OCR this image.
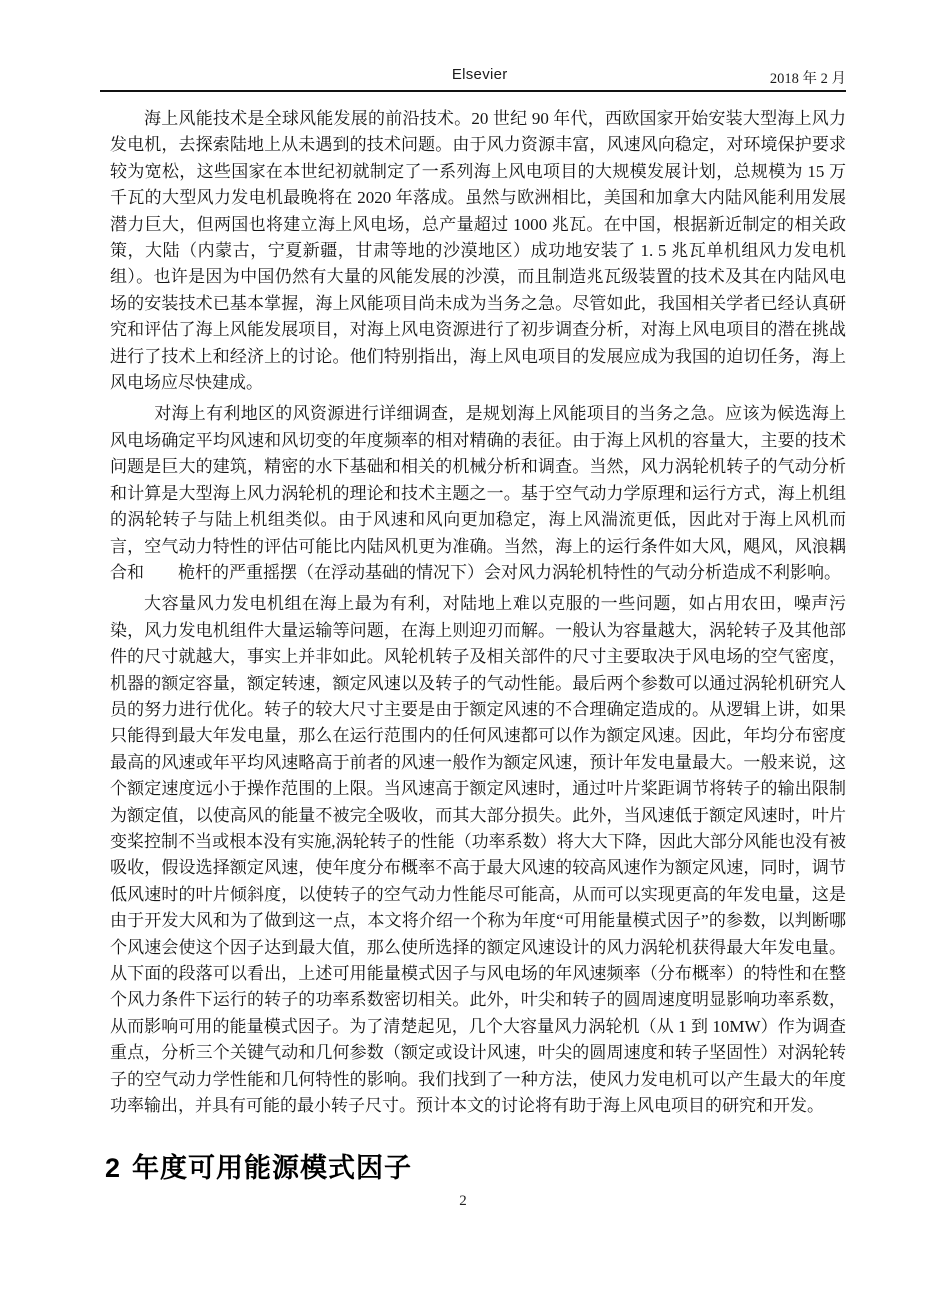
Elsevier	2018 年 2 月

海上风能技术是全球风能发展的前沿技术。20 世纪 90 年代，西欧国家开始安装大型海上风力发电机，去探索陆地上从未遇到的技术问题。由于风力资源丰富，风速风向稳定，对环境保护要求较为宽松，这些国家在本世纪初就制定了一系列海上风电项目的大规模发展计划，总规模为 15 万千瓦的大型风力发电机最晚将在 2020 年落成。虽然与欧洲相比，美国和加拿大内陆风能利用发展潜力巨大，但两国也将建立海上风电场，总产量超过 1000 兆瓦。在中国，根据新近制定的相关政策，大陆（内蒙古，宁夏新疆，甘肃等地的沙漠地区）成功地安装了 1. 5 兆瓦单机组风力发电机组）。也许是因为中国仍然有大量的风能发展的沙漠，而且制造兆瓦级装置的技术及其在内陆风电场的安装技术已基本掌握，海上风能项目尚未成为当务之急。尽管如此，我国相关学者已经认真研究和评估了海上风能发展项目，对海上风电资源进行了初步调查分析，对海上风电项目的潜在挑战进行了技术上和经济上的讨论。他们特别指出，海上风电项目的发展应成为我国的迫切任务，海上风电场应尽快建成。

对海上有利地区的风资源进行详细调查，是规划海上风能项目的当务之急。应该为候选海上风电场确定平均风速和风切变的年度频率的相对精确的表征。由于海上风机的容量大，主要的技术问题是巨大的建筑，精密的水下基础和相关的机械分析和调查。当然，风力涡轮机转子的气动分析和计算是大型海上风力涡轮机的理论和技术主题之一。基于空气动力学原理和运行方式，海上机组的涡轮转子与陆上机组类似。由于风速和风向更加稳定，海上风湍流更低，因此对于海上风机而言，空气动力特性的评估可能比内陆风机更为准确。当然，海上的运行条件如大风，飓风，风浪耦合和　　桅杆的严重摇摆（在浮动基础的情况下）会对风力涡轮机特性的气动分析造成不利影响。

大容量风力发电机组在海上最为有利，对陆地上难以克服的一些问题，如占用农田，噪声污染，风力发电机组件大量运输等问题，在海上则迎刃而解。一般认为容量越大，涡轮转子及其他部件的尺寸就越大，事实上并非如此。风轮机转子及相关部件的尺寸主要取决于风电场的空气密度，机器的额定容量，额定转速，额定风速以及转子的气动性能。最后两个参数可以通过涡轮机研究人员的努力进行优化。转子的较大尺寸主要是由于额定风速的不合理确定造成的。从逻辑上讲，如果只能得到最大年发电量，那么在运行范围内的任何风速都可以作为额定风速。因此，年均分布密度最高的风速或年平均风速略高于前者的风速一般作为额定风速，预计年发电量最大。一般来说，这个额定速度远小于操作范围的上限。当风速高于额定风速时，通过叶片桨距调节将转子的输出限制为额定值，以使高风的能量不被完全吸收，而其大部分损失。此外，当风速低于额定风速时，叶片变桨控制不当或根本没有实施,涡轮转子的性能（功率系数）将大大下降，因此大部分风能也没有被吸收，假设选择额定风速，使年度分布概率不高于最大风速的较高风速作为额定风速，同时，调节低风速时的叶片倾斜度，以使转子的空气动力性能尽可能高，从而可以实现更高的年发电量，这是由于开发大风和为了做到这一点，本文将介绍一个称为年度“可用能量模式因子”的参数，以判断哪个风速会使这个因子达到最大值，那么使所选择的额定风速设计的风力涡轮机获得最大年发电量。从下面的段落可以看出，上述可用能量模式因子与风电场的年风速频率（分布概率）的特性和在整个风力条件下运行的转子的功率系数密切相关。此外，叶尖和转子的圆周速度明显影响功率系数，从而影响可用的能量模式因子。为了清楚起见，几个大容量风力涡轮机（从 1 到 10MW）作为调查重点，分析三个关键气动和几何参数（额定或设计风速，叶尖的圆周速度和转子坚固性）对涡轮转子的空气动力学性能和几何特性的影响。我们找到了一种方法，使风力发电机可以产生最大的年度功率输出，并具有可能的最小转子尺寸。预计本文的讨论将有助于海上风电项目的研究和开发。

2 年度可用能源模式因子
2
